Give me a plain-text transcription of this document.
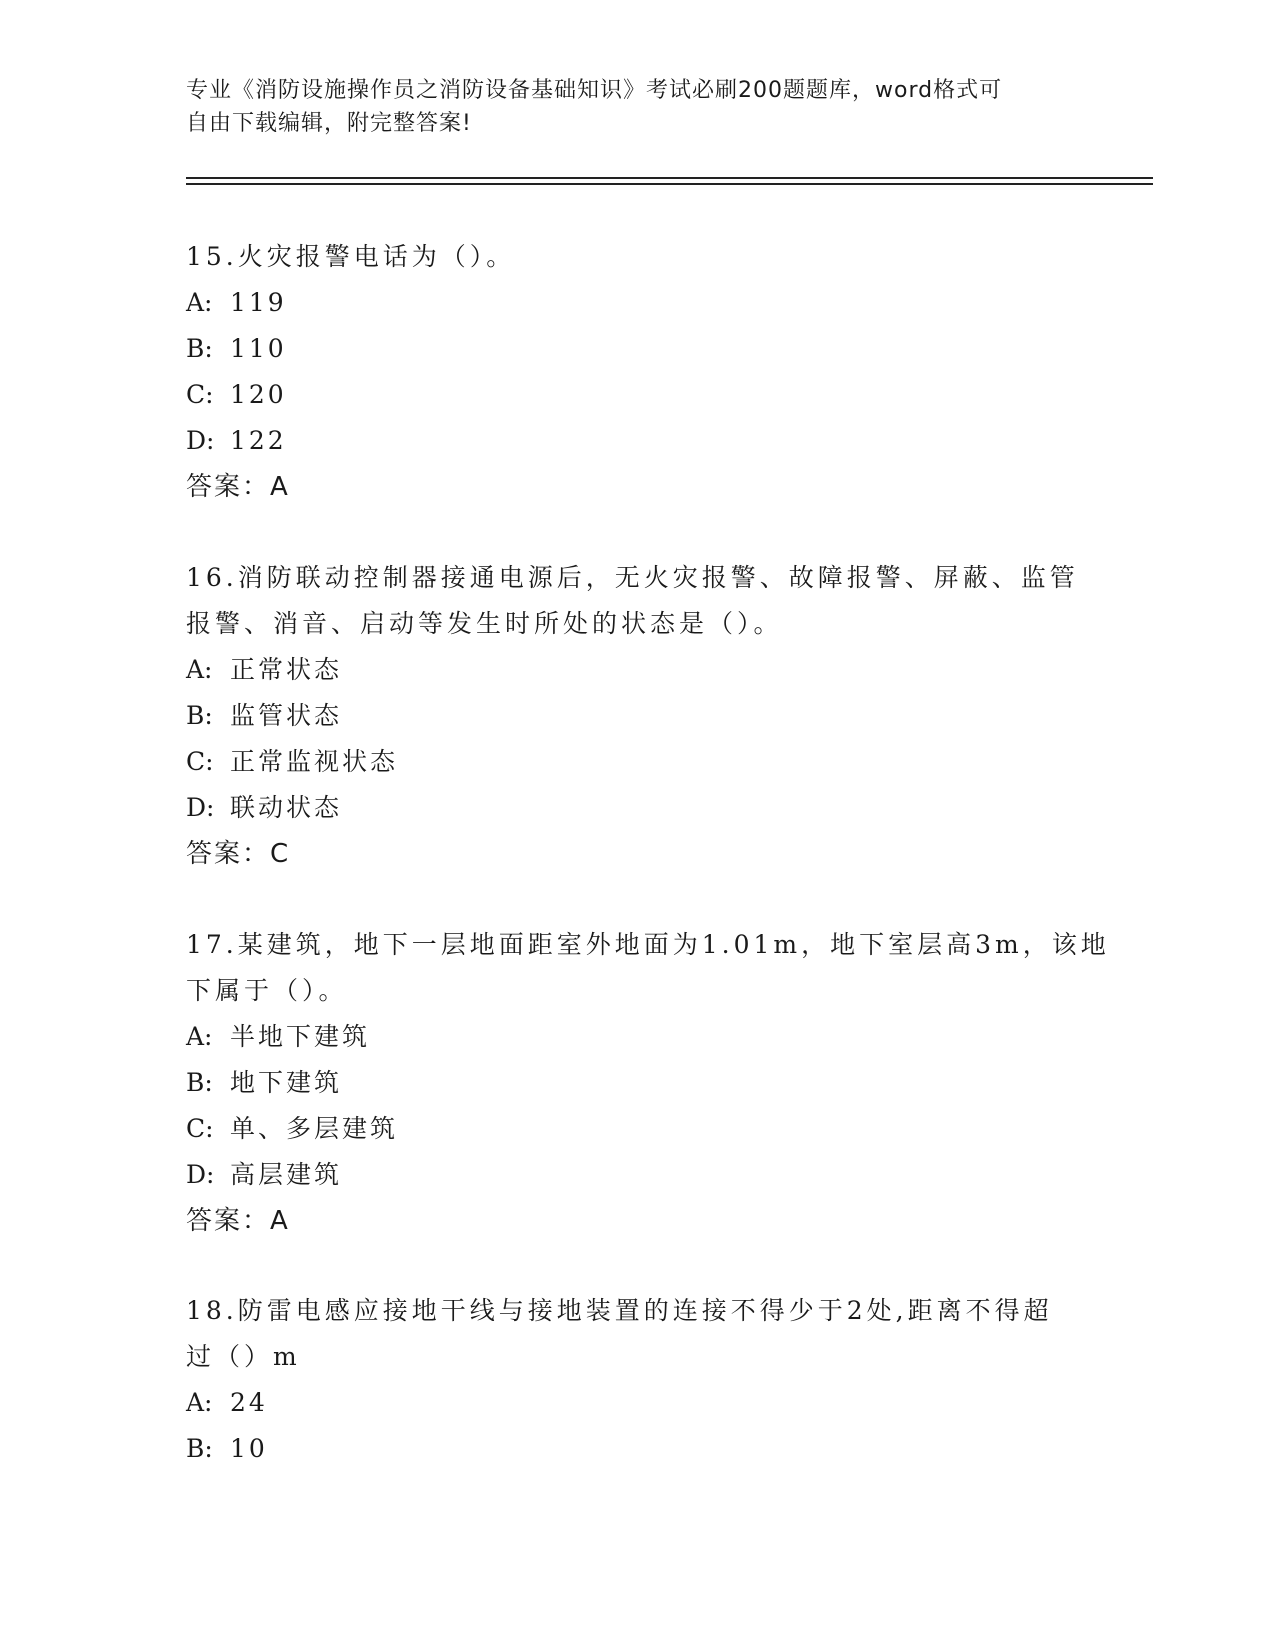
专业《消防设施操作员之消防设备基础知识》考试必刷200题题库，word格式可
自由下载编辑，附完整答案!
15.火灾报警电话为（）。
A: 119
B: 110
C: 120
D: 122
答案：A
16.消防联动控制器接通电源后，无火灾报警、故障报警、屏蔽、监管
报警、消音、启动等发生时所处的状态是（）。
A: 正常状态
B: 监管状态
C: 正常监视状态
D: 联动状态
答案：C
17.某建筑，地下一层地面距室外地面为1.01m，地下室层高3m，该地
下属于（）。
A: 半地下建筑
B: 地下建筑
C: 单、多层建筑
D: 高层建筑
答案：A
18.防雷电感应接地干线与接地装置的连接不得少于2处,距离不得超
过（）m
A: 24
B: 10
